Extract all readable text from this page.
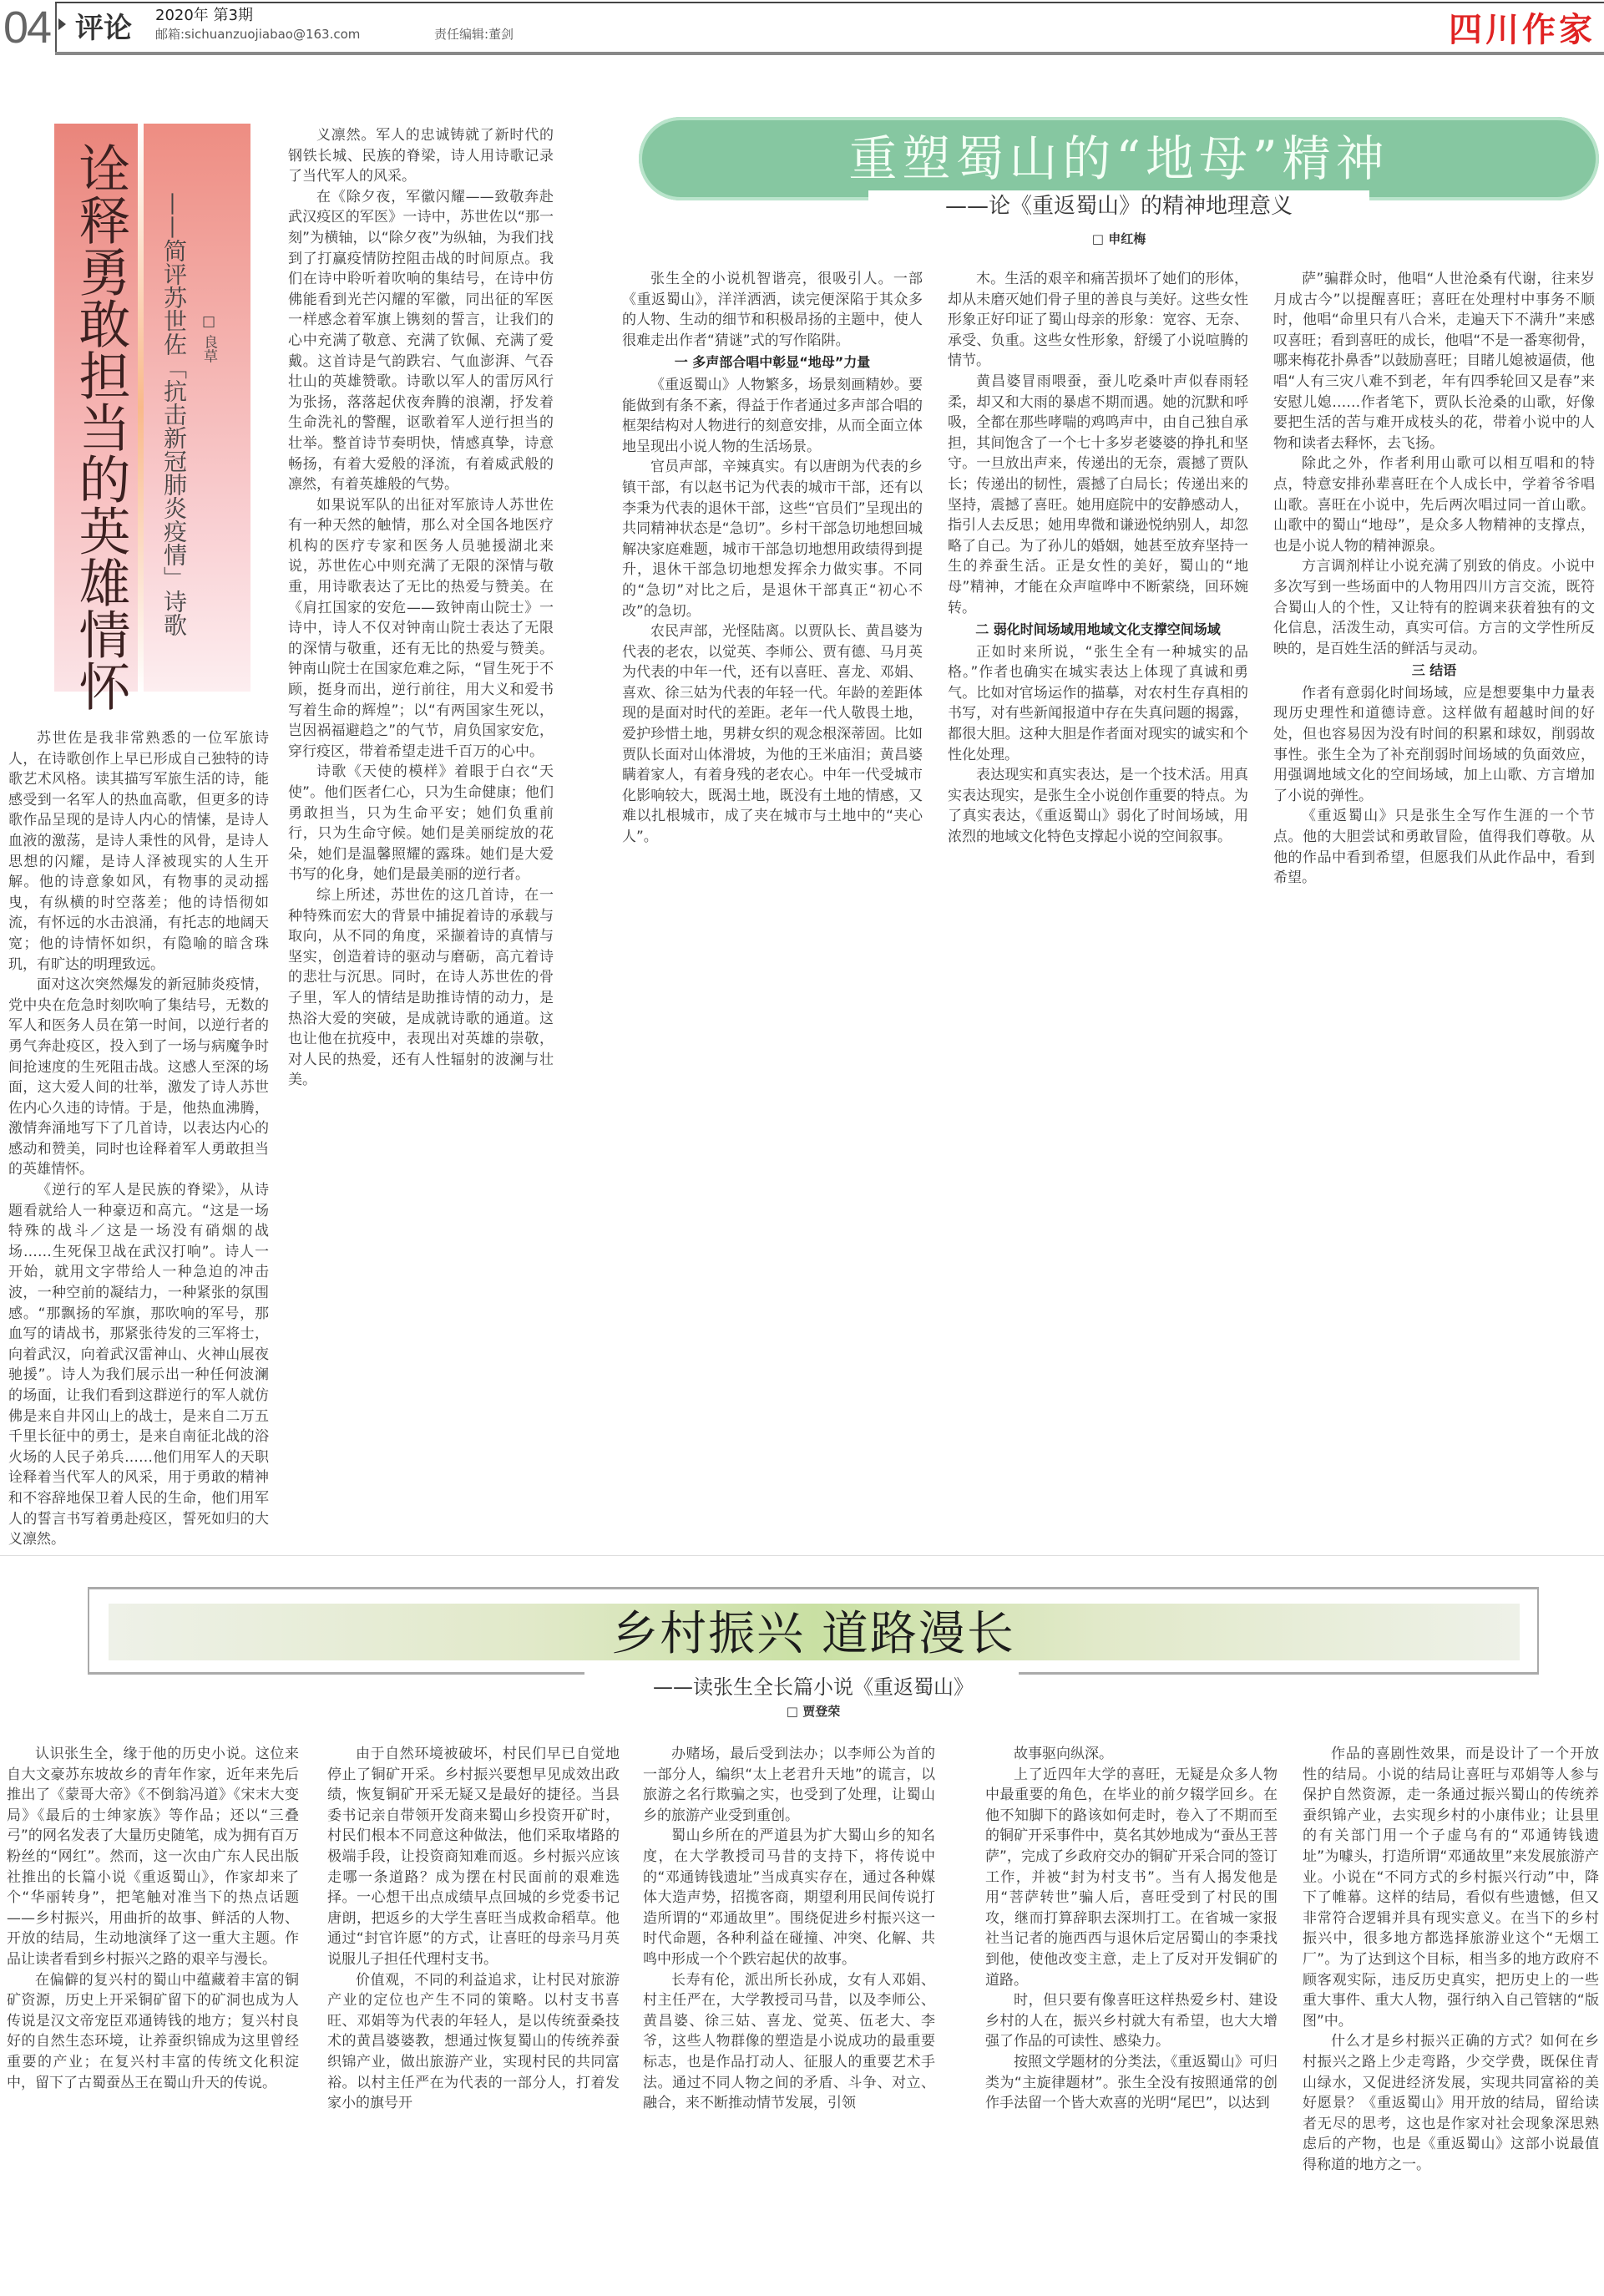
04 评论 2020年 第3期
邮箱:sichuanzuojiabao@163.com	责任编辑:董剑	四川作家
诠释勇敢担当的英雄情怀 ——简评苏世佐「抗击新冠肺炎疫情」诗歌 □ 良草

苏世佐是我非常熟悉的一位军旅诗人，在诗歌创作上早已形成自己独特的诗歌艺术风格。读其描写军旅生活的诗，能感受到一名军人的热血高歌，但更多的诗歌作品呈现的是诗人内心的情愫，是诗人血液的激荡，是诗人秉性的风骨，是诗人思想的闪耀，是诗人泽被现实的人生开解。他的诗意象如风，有物事的灵动摇曳，有纵横的时空落差；他的诗悟彻如流，有怀远的水击浪涌，有托志的地阔天宽；他的诗情怀如织，有隐喻的暗含珠玑，有旷达的明理致远。

面对这次突然爆发的新冠肺炎疫情，党中央在危急时刻吹响了集结号，无数的军人和医务人员在第一时间，以逆行者的勇气奔赴疫区，投入到了一场与病魔争时间抢速度的生死阻击战。这感人至深的场面，这大爱人间的壮举，激发了诗人苏世佐内心久违的诗情。于是，他热血沸腾，激情奔涌地写下了几首诗，以表达内心的感动和赞美，同时也诠释着军人勇敢担当的英雄情怀。

《逆行的军人是民族的脊梁》，从诗题看就给人一种豪迈和高亢。“这是一场特殊的战斗／这是一场没有硝烟的战场……生死保卫战在武汉打响”。诗人一开始，就用文字带给人一种急迫的冲击波，一种空前的凝结力，一种紧张的氛围感。“那飘扬的军旗，那吹响的军号，那血写的请战书，那紧张待发的三军将士，向着武汉，向着武汉雷神山、火神山展夜驰援”。诗人为我们展示出一种任何波澜的场面，让我们看到这群逆行的军人就仿佛是来自井冈山上的战士，是来自二万五千里长征中的勇士，是来自南征北战的浴火场的人民子弟兵……他们用军人的天职诠释着当代军人的风采，用于勇敢的精神和不容辞地保卫着人民的生命，他们用军人的誓言书写着勇赴疫区，誓死如归的大义凛然。

义凛然。军人的忠诚铸就了新时代的钢铁长城、民族的脊梁，诗人用诗歌记录了当代军人的风采。

在《除夕夜，军徽闪耀——致敬奔赴武汉疫区的军医》一诗中，苏世佐以“那一刻”为横轴，以“除夕夜”为纵轴，为我们找到了打赢疫情防控阻击战的时间原点。我们在诗中聆听着吹响的集结号，在诗中仿佛能看到光芒闪耀的军徽，同出征的军医一样感念着军旗上镌刻的誓言，让我们的心中充满了敬意、充满了钦佩、充满了爱戴。这首诗是气韵跌宕、气血澎湃、气吞壮山的英雄赞歌。诗歌以军人的雷厉风行为张扬，落落起伏夜奔腾的浪潮，抒发着生命洗礼的警醒，讴歌着军人逆行担当的壮举。整首诗节奏明快，情感真挚，诗意畅扬，有着大爱般的泽流，有着威武般的凛然，有着英雄般的气势。

如果说军队的出征对军旅诗人苏世佐有一种天然的触情，那么对全国各地医疗机构的医疗专家和医务人员驰援湖北来说，苏世佐心中则充满了无限的深情与敬重，用诗歌表达了无比的热爱与赞美。在《肩扛国家的安危——致钟南山院士》一诗中，诗人不仅对钟南山院士表达了无限的深情与敬重，还有无比的热爱与赞美。钟南山院士在国家危难之际，“冒生死于不顾，挺身而出，逆行前往，用大义和爱书写着生命的辉煌”；以“有两国家生死以，岂因祸福避趋之”的气节，肩负国家安危，穿行疫区，带着希望走进千百万的心中。

诗歌《天使的模样》着眼于白衣“天使”。他们医者仁心，只为生命健康；他们勇敢担当，只为生命平安；她们负重前行，只为生命守候。她们是美丽绽放的花朵，她们是温馨照耀的露珠。她们是大爱书写的化身，她们是最美丽的逆行者。

综上所述，苏世佐的这几首诗，在一种特殊而宏大的背景中捕捉着诗的承载与取向，从不同的角度，采撷着诗的真情与坚实，创造着诗的驱动与磨砺，高亢着诗的悲壮与沉思。同时，在诗人苏世佐的骨子里，军人的情结是助推诗情的动力，是热浴大爱的突破，是成就诗歌的通道。这也让他在抗疫中，表现出对英雄的崇敬，对人民的热爱，还有人性辐射的波澜与壮美。

重塑蜀山的“地母”精神
——论《重返蜀山》的精神地理意义
□ 申红梅

张生全的小说机智谐亮，很吸引人。一部《重返蜀山》，洋洋洒洒，读完便深陷于其众多的人物、生动的细节和积极昂扬的主题中，使人很难走出作者“猜谜”式的写作陷阱。

一 多声部合唱中彰显“地母”力量

《重返蜀山》人物繁多，场景刻画精妙。要能做到有条不紊，得益于作者通过多声部合唱的框架结构对人物进行的刻意安排，从而全面立体地呈现出小说人物的生活场景。

官员声部，辛辣真实。有以唐朗为代表的乡镇干部，有以赵书记为代表的城市干部，还有以李秉为代表的退休干部，这些“官员们”呈现出的共同精神状态是“急切”。乡村干部急切地想回城解决家庭难题，城市干部急切地想用政绩得到提升，退休干部急切地想发挥余力做实事。不同的“急切”对比之后，是退休干部真正“初心不改”的急切。

农民声部，光怪陆离。以贾队长、黄昌婆为代表的老农，以觉英、李师公、贾有德、马月英为代表的中年一代，还有以喜旺、喜龙、邓娟、喜欢、徐三姑为代表的年轻一代。年龄的差距体现的是面对时代的差距。老年一代人敬畏土地，爱护珍惜土地，男耕女织的观念根深蒂固。比如贾队长面对山体滑坡，为他的王米庙泪；黄昌婆瞒着家人，有着身残的老农心。中年一代受城市化影响较大，既渴土地，既没有土地的情感，又难以扎根城市，成了夹在城市与土地中的“夹心人”。

木。生活的艰辛和痛苦损坏了她们的形体，却从未磨灭她们骨子里的善良与美好。这些女性形象正好印证了蜀山母亲的形象：宽容、无奈、承受、负重。这些女性形象，舒缓了小说喧腾的情节。

黄昌婆冒雨喂蚕，蚕儿吃桑叶声似春雨轻柔，却又和大雨的暴虐不期而遇。她的沉默和呼吸，全都在那些哮喘的鸡鸣声中，由自己独自承担，其间饱含了一个七十多岁老婆婆的挣扎和坚守。一旦放出声来，传递出的无奈，震撼了贾队长；传递出的韧性，震撼了白局长；传递出来的坚持，震撼了喜旺。她用庭院中的安静感动人，指引人去反思；她用卑微和谦逊悦纳别人，却忽略了自己。为了孙儿的婚姻，她甚至放弃坚持一生的养蚕生活。正是女性的美好，蜀山的“地母”精神，才能在众声喧哗中不断萦绕，回环婉转。

二 弱化时间场域用地域文化支撑空间场域

正如时来所说，“张生全有一种城实的品格。”作者也确实在城实表达上体现了真诚和勇气。比如对官场运作的描摹，对农村生存真相的书写，对有些新闻报道中存在失真问题的揭露，都很大胆。这种大胆是作者面对现实的诚实和个性化处理。

表达现实和真实表达，是一个技术活。用真实表达现实，是张生全小说创作重要的特点。为了真实表达，《重返蜀山》弱化了时间场域，用浓烈的地域文化特色支撑起小说的空间叙事。

萨”骗群众时，他唱“人世沧桑有代谢，往来岁月成古今”以提醒喜旺；喜旺在处理村中事务不顺时，他唱“命里只有八合米，走遍天下不满升”来感叹喜旺；看到喜旺的成长，他唱“不是一番寒彻骨，哪来梅花扑鼻香”以鼓励喜旺；目睹儿媳被逼债，他唱“人有三灾八难不到老，年有四季轮回又是春”来安慰儿媳……作者笔下，贾队长沧桑的山歌，好像要把生活的苦与难开成枝头的花，带着小说中的人物和读者去释怀，去飞扬。

除此之外，作者利用山歌可以相互唱和的特点，特意安排孙辈喜旺在个人成长中，学着爷爷唱山歌。喜旺在小说中，先后两次唱过同一首山歌。山歌中的蜀山“地母”，是众多人物精神的支撑点，也是小说人物的精神源泉。

方言调剂样让小说充满了别致的俏皮。小说中多次写到一些场面中的人物用四川方言交流，既符合蜀山人的个性，又让特有的腔调来获着独有的文化信息，活泼生动，真实可信。方言的文学性所反映的，是百姓生活的鲜活与灵动。

三 结语

作者有意弱化时间场域，应是想要集中力量表现历史理性和道德诗意。这样做有超越时间的好处，但也容易因为没有时间的积累和球奴，削弱故事性。张生全为了补充削弱时间场域的负面效应，用强调地域文化的空间场域，加上山歌、方言增加了小说的弹性。

《重返蜀山》只是张生全写作生涯的一个节点。他的大胆尝试和勇敢冒险，值得我们尊敬。从他的作品中看到希望，但愿我们从此作品中，看到希望。

乡村振兴 道路漫长
——读张生全长篇小说《重返蜀山》
□ 贾登荣

认识张生全，缘于他的历史小说。这位来自大文豪苏东坡故乡的青年作家，近年来先后推出了《蒙哥大帝》《不倒翁冯道》《宋末大变局》《最后的士绅家族》等作品；还以“三叠弓”的网名发表了大量历史随笔，成为拥有百万粉丝的“网红”。然而，这一次由广东人民出版社推出的长篇小说《重返蜀山》，作家却来了个“华丽转身”，把笔触对准当下的热点话题——乡村振兴，用曲折的故事、鲜活的人物、开放的结局，生动地演绎了这一重大主题。作品让读者看到乡村振兴之路的艰辛与漫长。

在偏僻的复兴村的蜀山中蕴藏着丰富的铜矿资源，历史上开采铜矿留下的矿洞也成为人传说是汉文帝宠臣邓通铸钱的地方；复兴村良好的自然生态环境，让养蚕织锦成为这里曾经重要的产业；在复兴村丰富的传统文化积淀中，留下了古蜀蚕丛王在蜀山升天的传说。

由于自然环境被破坏，村民们早已自觉地停止了铜矿开采。乡村振兴要想早见成效出政绩，恢复铜矿开采无疑又是最好的捷径。当县委书记亲自带领开发商来蜀山乡投资开矿时，村民们根本不同意这种做法，他们采取堵路的极端手段，让投资商知难而返。乡村振兴应该走哪一条道路？成为摆在村民面前的艰难选择。一心想干出点成绩早点回城的乡党委书记唐朗，把返乡的大学生喜旺当成救命稻草。他通过“封官许愿”的方式，让喜旺的母亲马月英说服儿子担任代理村支书。

价值观，不同的利益追求，让村民对旅游产业的定位也产生不同的策略。以村支书喜旺、邓娟等为代表的年轻人，是以传统蚕桑技术的黄昌婆婆教，想通过恢复蜀山的传统养蚕织锦产业，做出旅游产业，实现村民的共同富裕。以村主任严在为代表的一部分人，打着发家小的旗号开

办赌场，最后受到法办；以李师公为首的一部分人，编织“太上老君升天地”的谎言，以旅游之名行欺骗之实，也受到了处理，让蜀山乡的旅游产业受到重创。

蜀山乡所在的严道县为扩大蜀山乡的知名度，在大学教授司马昔的支持下，将传说中的“邓通铸钱遗址”当成真实存在，通过各种媒体大造声势，招揽客商，期望利用民间传说打造所谓的“邓通故里”。围绕促进乡村振兴这一时代命题，各种利益在碰撞、冲突、化解、共鸣中形成一个个跌宕起伏的故事。

长寿有伦，派出所长孙成，女有人邓娟、村主任严在，大学教授司马昔，以及李师公、黄昌婆、徐三姑、喜龙、觉英、伍老大、李爷，这些人物群像的塑造是小说成功的最重要标志，也是作品打动人、征服人的重要艺术手法。通过不同人物之间的矛盾、斗争、对立、融合，来不断推动情节发展，引领

故事驱向纵深。

上了近四年大学的喜旺，无疑是众多人物中最重要的角色，在毕业的前夕辍学回乡。在他不知脚下的路该如何走时，卷入了不期而至的铜矿开采事件中，莫名其妙地成为“蚕丛王菩萨”，完成了乡政府交办的铜矿开采合同的签订工作，并被“封为村支书”。当有人揭发他是用“菩萨转世”骗人后，喜旺受到了村民的围攻，继而打算辞职去深圳打工。在省城一家报社当记者的施西西与退休后定居蜀山的李秉找到他，使他改变主意，走上了反对开发铜矿的道路。

时，但只要有像喜旺这样热爱乡村、建设乡村的人在，振兴乡村就大有希望，也大大增强了作品的可读性、感染力。

按照文学题材的分类法，《重返蜀山》可归类为“主旋律题材”。张生全没有按照通常的创作手法留一个皆大欢喜的光明“尾巴”，以达到

作品的喜剧性效果，而是设计了一个开放性的结局。小说的结局让喜旺与邓娟等人参与保护自然资源，走一条通过振兴蜀山的传统养蚕织锦产业，去实现乡村的小康伟业；让县里的有关部门用一个子虚乌有的“邓通铸钱遗址”为噱头，打造所谓“邓通故里”来发展旅游产业。小说在“不同方式的乡村振兴行动”中，降下了帷幕。这样的结局，看似有些遗憾，但又非常符合逻辑并具有现实意义。在当下的乡村振兴中，很多地方都选择旅游业这个“无烟工厂”。为了达到这个目标，相当多的地方政府不顾客观实际，违反历史真实，把历史上的一些重大事件、重大人物，强行纳入自己管辖的“版图”中。

什么才是乡村振兴正确的方式？如何在乡村振兴之路上少走弯路，少交学费，既保住青山绿水，又促进经济发展，实现共同富裕的美好愿景？《重返蜀山》用开放的结局，留给读者无尽的思考，这也是作家对社会现象深思熟虑后的产物，也是《重返蜀山》这部小说最值得称道的地方之一。
